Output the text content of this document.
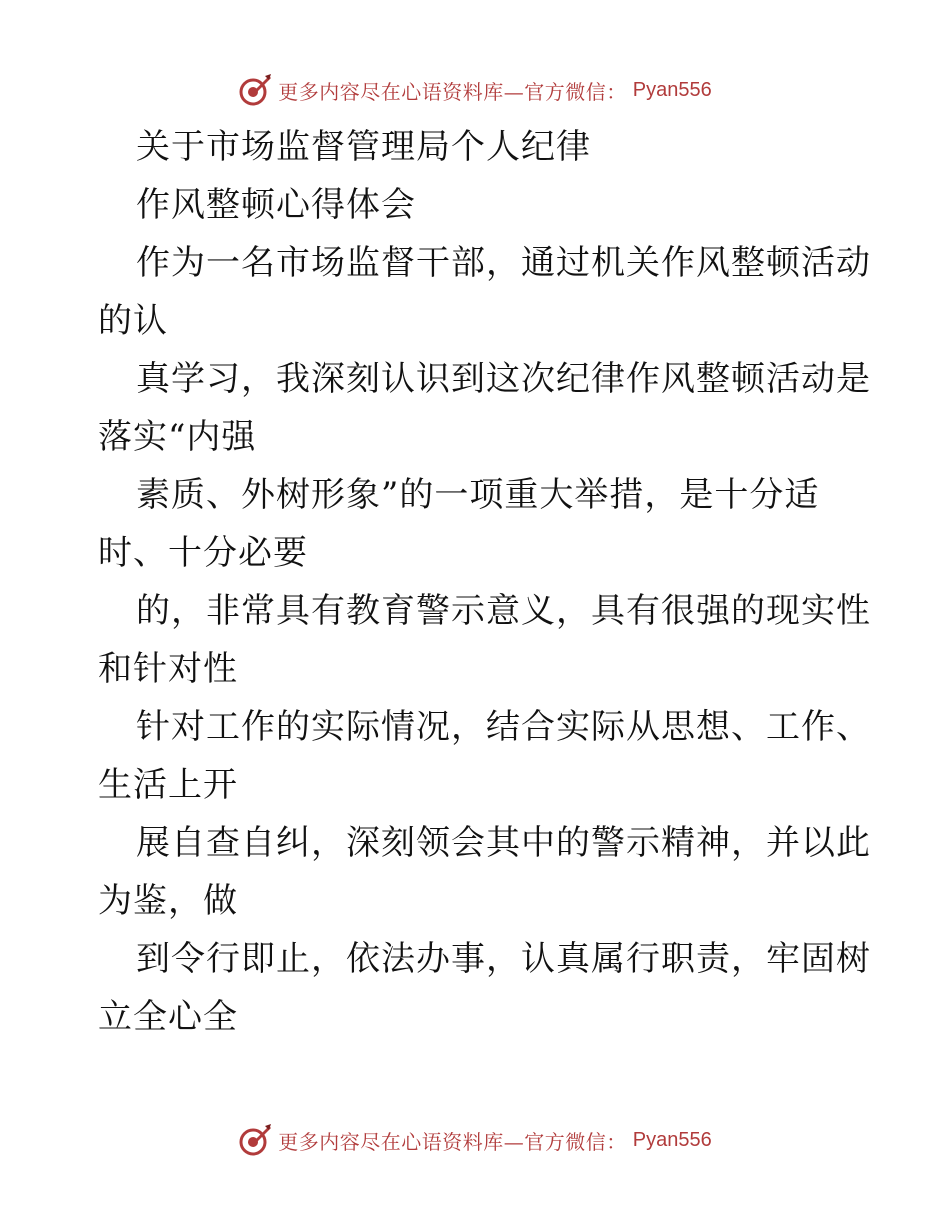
更多内容尽在心语资料库—官方微信： Pyan556
关于市场监督管理局个人纪律
作风整顿心得体会
作为一名市场监督干部，通过机关作风整顿活动
的认
真学习，我深刻认识到这次纪律作风整顿活动是
落实“内强
素质、外树形象”的一项重大举措，是十分适
时、十分必要
的，非常具有教育警示意义，具有很强的现实性
和针对性
针对工作的实际情况，结合实际从思想、工作、
生活上开
展自查自纠，深刻领会其中的警示精神，并以此
为鉴，做
到令行即止，依法办事，认真属行职责，牢固树
立全心全
更多内容尽在心语资料库—官方微信： Pyan556
